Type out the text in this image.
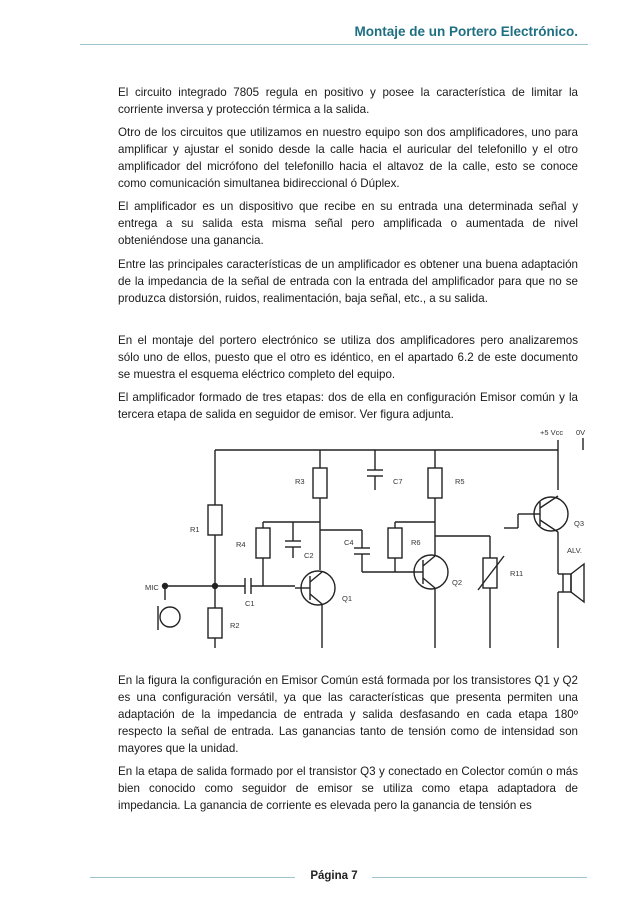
Montaje de un Portero Electrónico.

El circuito integrado 7805 regula en positivo y posee la característica de limitar la corriente inversa y protección térmica a la salida.

Otro de los circuitos que utilizamos en nuestro equipo son dos amplificadores, uno para amplificar y ajustar el sonido desde la calle hacia el auricular del telefonillo y el otro amplificador del micrófono del telefonillo hacia el altavoz de la calle, esto se conoce como comunicación simultanea bidireccional ó Dúplex.

El amplificador es un dispositivo que recibe en su entrada una determinada señal y entrega a su salida esta misma señal pero amplificada o aumentada de nivel obteniéndose una ganancia.

Entre las principales características de un amplificador es obtener una buena adaptación de la impedancia de la señal de entrada con la entrada del amplificador para que no se produzca distorsión, ruidos, realimentación, baja señal, etc., a su salida.

En el montaje del portero electrónico se utiliza dos amplificadores pero analizaremos sólo uno de ellos, puesto que el otro es idéntico, en el apartado 6.2 de este documento se muestra el esquema eléctrico completo del equipo.

El amplificador formado de tres etapas: dos de ella en configuración Emisor común y la tercera etapa de salida en seguidor de emisor. Ver figura adjunta.

+5 Vcc 0V
R1
R2
MIC
C1
R3
Q1
R4
C2
C7
C4
R5
R6
Q2
R11
Q3
ALV.

En la figura la configuración en Emisor Común está formada por los transistores Q1 y Q2 es una configuración versátil, ya que las características que presenta permiten una adaptación de la impedancia de entrada y salida desfasando en cada etapa 180º respecto la señal de entrada. Las ganancias tanto de tensión como de intensidad son mayores que la unidad.

En la etapa de salida formado por el transistor Q3 y conectado en Colector común o más bien conocido como seguidor de emisor se utiliza como etapa adaptadora de impedancia. La ganancia de corriente es elevada pero la ganancia de tensión es

Página 7
